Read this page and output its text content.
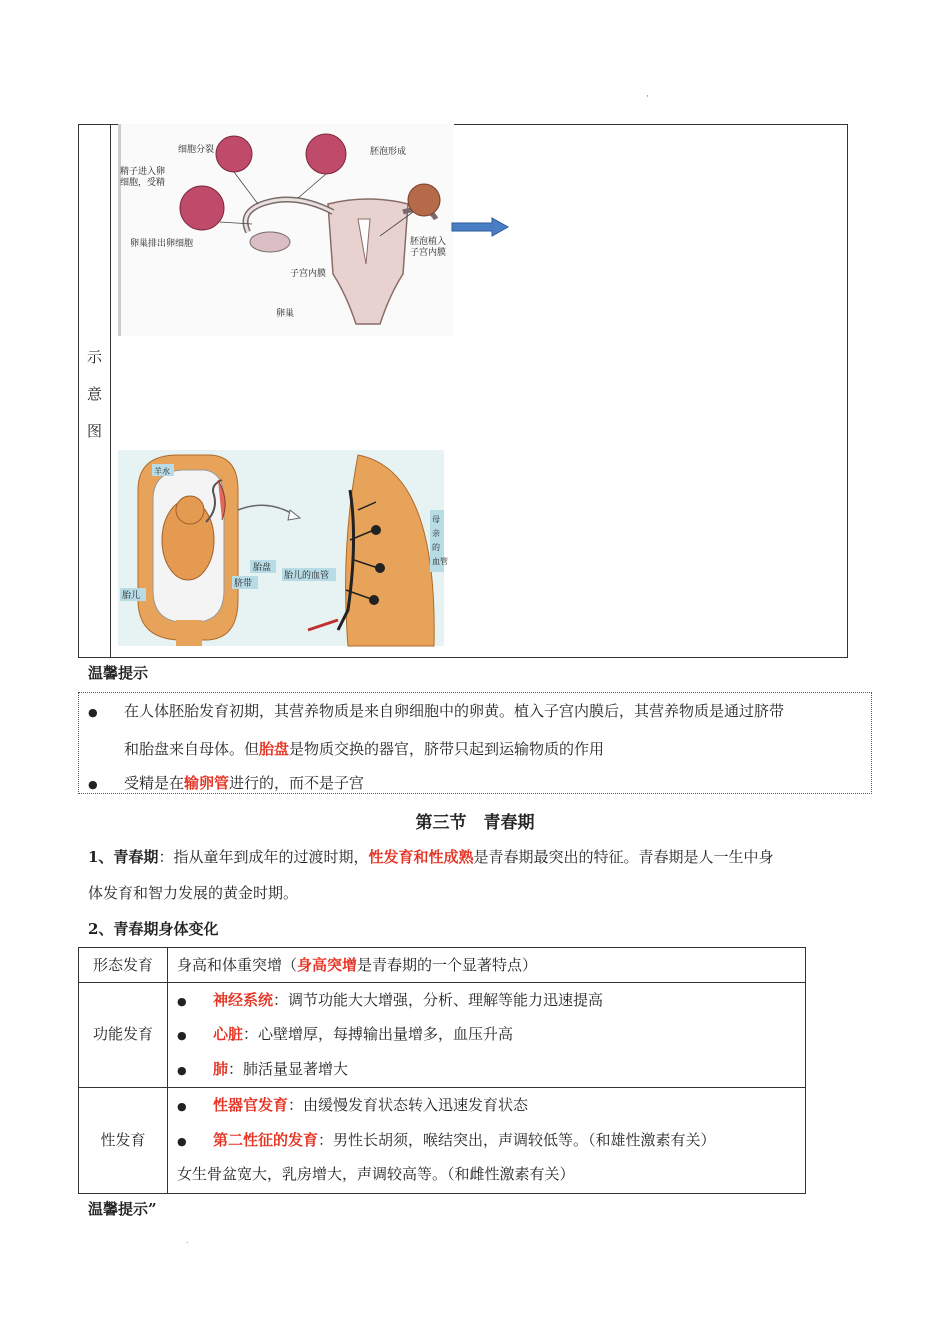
·
示
意
图
细胞分裂	胚泡形成
精子进入卵细胞，受精
卵巢排出卵细胞	胚泡植入子宫内膜
子宫内膜
卵巢
羊水
胎盘
脐带
胎儿
胎儿的血管
母亲的血管
温馨提示
● 在人体胚胎发育初期，其营养物质是来自卵细胞中的卵黄。植入子宫内膜后，其营养物质是通过脐带
和胎盘来自母体。但胎盘是物质交换的器官，脐带只起到运输物质的作用
● 受精是在输卵管进行的，而不是子宫
第三节　青春期
1、青春期：指从童年到成年的过渡时期，性发育和性成熟是青春期最突出的特征。青春期是人一生中身
体发育和智力发展的黄金时期。
2、青春期身体变化
形态发育	身高和体重突增（身高突增是青春期的一个显著特点）
功能发育
● 神经系统：调节功能大大增强，分析、理解等能力迅速提高
● 心脏：心壁增厚，每搏输出量增多，血压升高
● 肺：肺活量显著增大
性发育
● 性器官发育：由缓慢发育状态转入迅速发育状态
● 第二性征的发育：男性长胡须，喉结突出，声调较低等。（和雄性激素有关）
女生骨盆宽大，乳房增大，声调较高等。（和雌性激素有关）
温馨提示”
.
